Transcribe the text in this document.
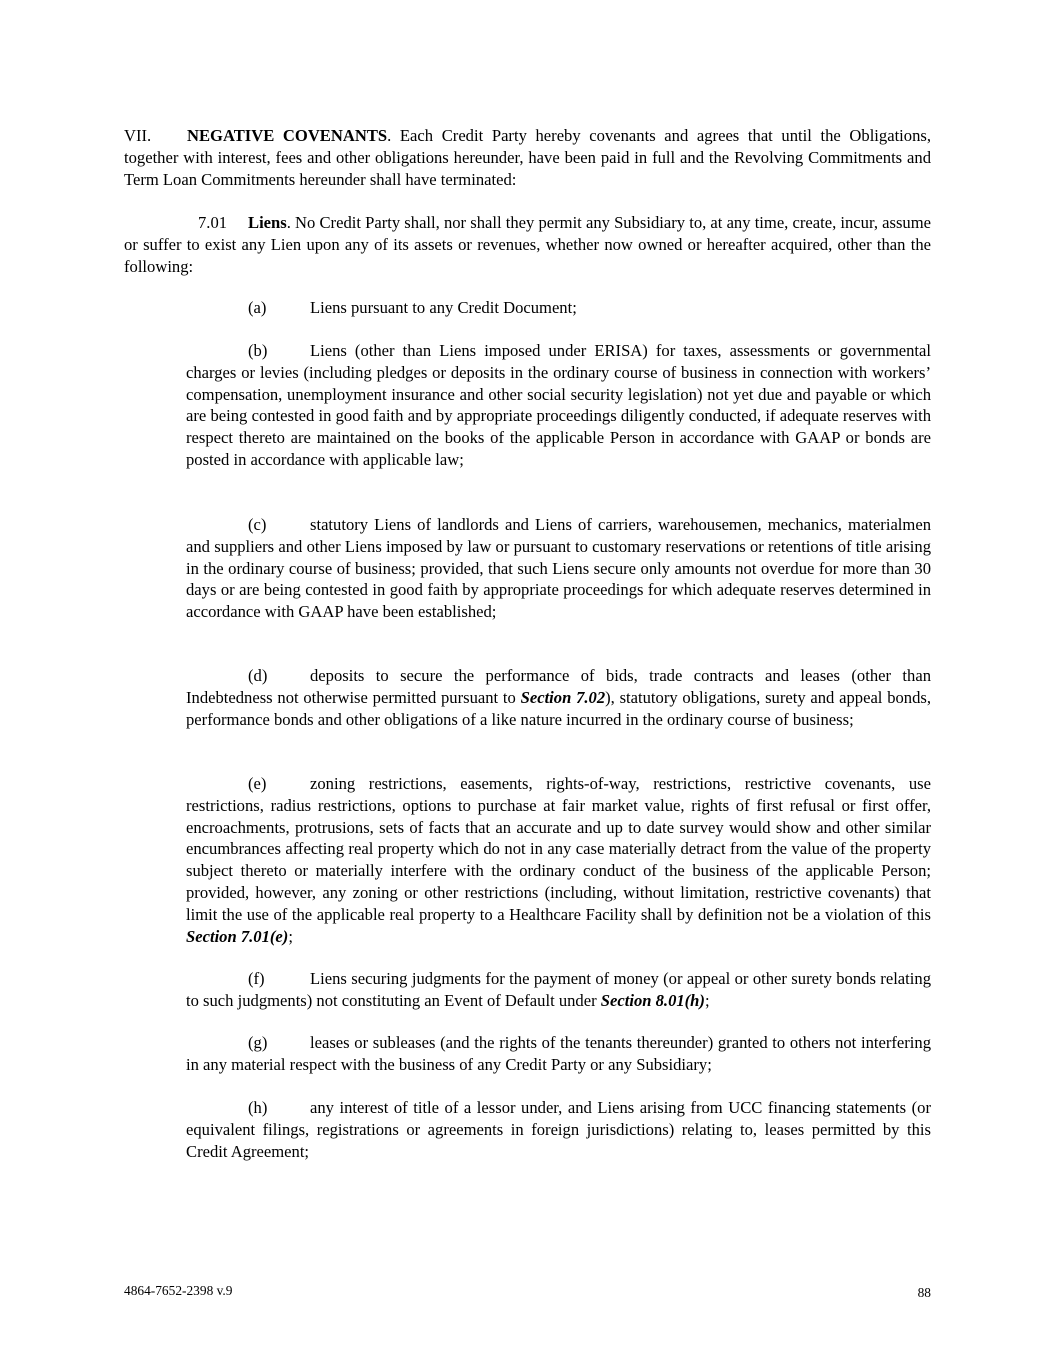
VII. NEGATIVE COVENANTS. Each Credit Party hereby covenants and agrees that until the Obligations, together with interest, fees and other obligations hereunder, have been paid in full and the Revolving Commitments and Term Loan Commitments hereunder shall have terminated:

7.01 Liens. No Credit Party shall, nor shall they permit any Subsidiary to, at any time, create, incur, assume or suffer to exist any Lien upon any of its assets or revenues, whether now owned or hereafter acquired, other than the following:

(a)	Liens pursuant to any Credit Document;

(b)	Liens (other than Liens imposed under ERISA) for taxes, assessments or governmental charges or levies (including pledges or deposits in the ordinary course of business in connection with workers’ compensation, unemployment insurance and other social security legislation) not yet due and payable or which are being contested in good faith and by appropriate proceedings diligently conducted, if adequate reserves with respect thereto are maintained on the books of the applicable Person in accordance with GAAP or bonds are posted in accordance with applicable law;

(c)	statutory Liens of landlords and Liens of carriers, warehousemen, mechanics, materialmen and suppliers and other Liens imposed by law or pursuant to customary reservations or retentions of title arising in the ordinary course of business; provided, that such Liens secure only amounts not overdue for more than 30 days or are being contested in good faith by appropriate proceedings for which adequate reserves determined in accordance with GAAP have been established;

(d)	deposits to secure the performance of bids, trade contracts and leases (other than Indebtedness not otherwise permitted pursuant to Section 7.02), statutory obligations, surety and appeal bonds, performance bonds and other obligations of a like nature incurred in the ordinary course of business;

(e)	zoning restrictions, easements, rights-of-way, restrictions, restrictive covenants, use restrictions, radius restrictions, options to purchase at fair market value, rights of first refusal or first offer, encroachments, protrusions, sets of facts that an accurate and up to date survey would show and other similar encumbrances affecting real property which do not in any case materially detract from the value of the property subject thereto or materially interfere with the ordinary conduct of the business of the applicable Person; provided, however, any zoning or other restrictions (including, without limitation, restrictive covenants) that limit the use of the applicable real property to a Healthcare Facility shall by definition not be a violation of this Section 7.01(e);

(f)	Liens securing judgments for the payment of money (or appeal or other surety bonds relating to such judgments) not constituting an Event of Default under Section 8.01(h);

(g)	leases or subleases (and the rights of the tenants thereunder) granted to others not interfering in any material respect with the business of any Credit Party or any Subsidiary;

(h)	any interest of title of a lessor under, and Liens arising from UCC financing statements (or equivalent filings, registrations or agreements in foreign jurisdictions) relating to, leases permitted by this Credit Agreement;

4864-7652-2398 v.9	88
